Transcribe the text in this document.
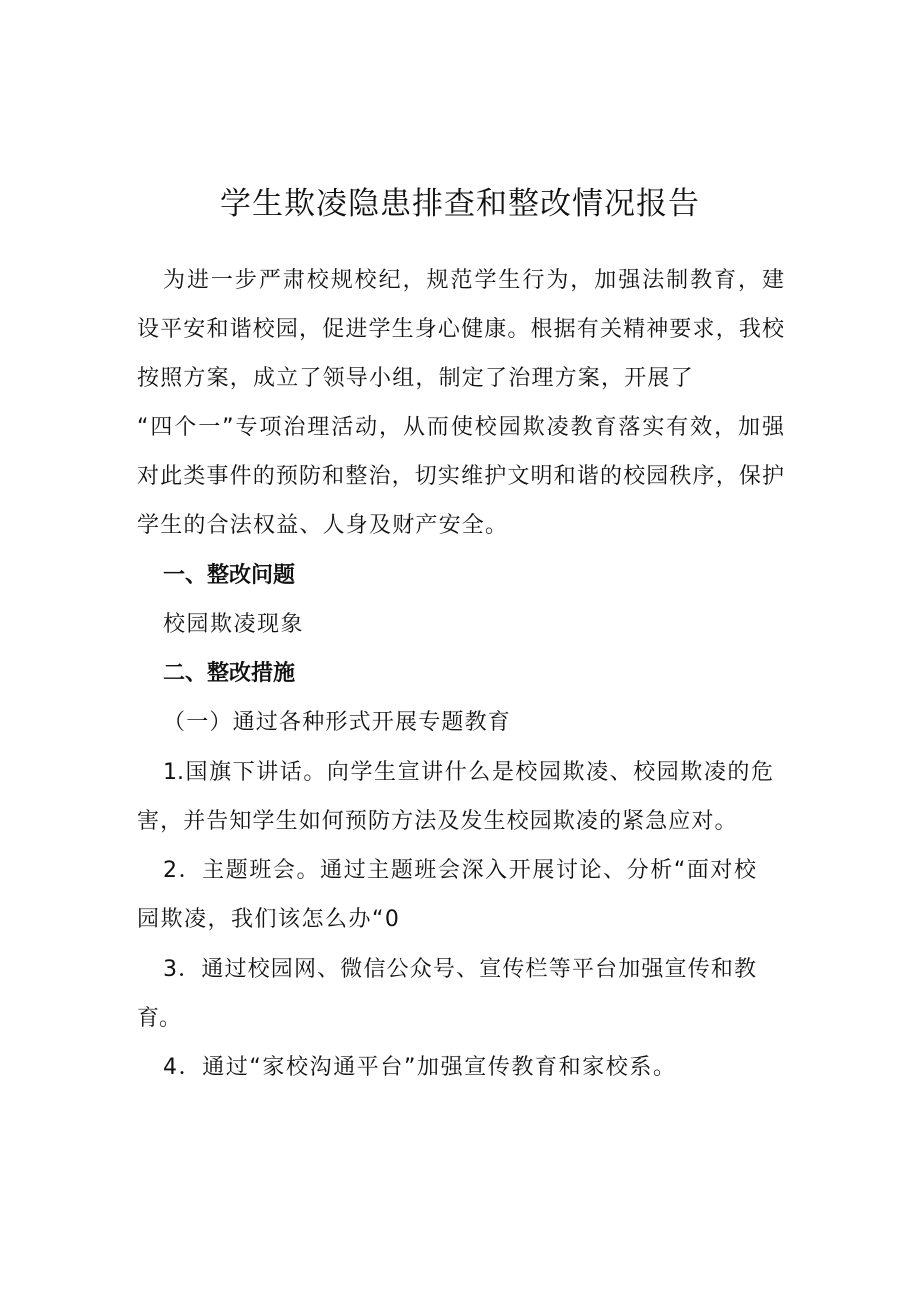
学生欺凌隐患排查和整改情况报告
为进一步严肃校规校纪，规范学生行为，加强法制教育，建
设平安和谐校园，促进学生身心健康。根据有关精神要求，我校
按照方案，成立了领导小组，制定了治理方案，开展了
“四个一”专项治理活动，从而使校园欺凌教育落实有效，加强
对此类事件的预防和整治，切实维护文明和谐的校园秩序，保护
学生的合法权益、人身及财产安全。
一、整改问题
校园欺凌现象
二、整改措施
（一）通过各种形式开展专题教育
1.国旗下讲话。向学生宣讲什么是校园欺凌、校园欺凌的危
害，并告知学生如何预防方法及发生校园欺凌的紧急应对。
2．主题班会。通过主题班会深入开展讨论、分析“面对校
园欺凌，我们该怎么办“0
3．通过校园网、微信公众号、宣传栏等平台加强宣传和教
育。
4．通过“家校沟通平台”加强宣传教育和家校系。
